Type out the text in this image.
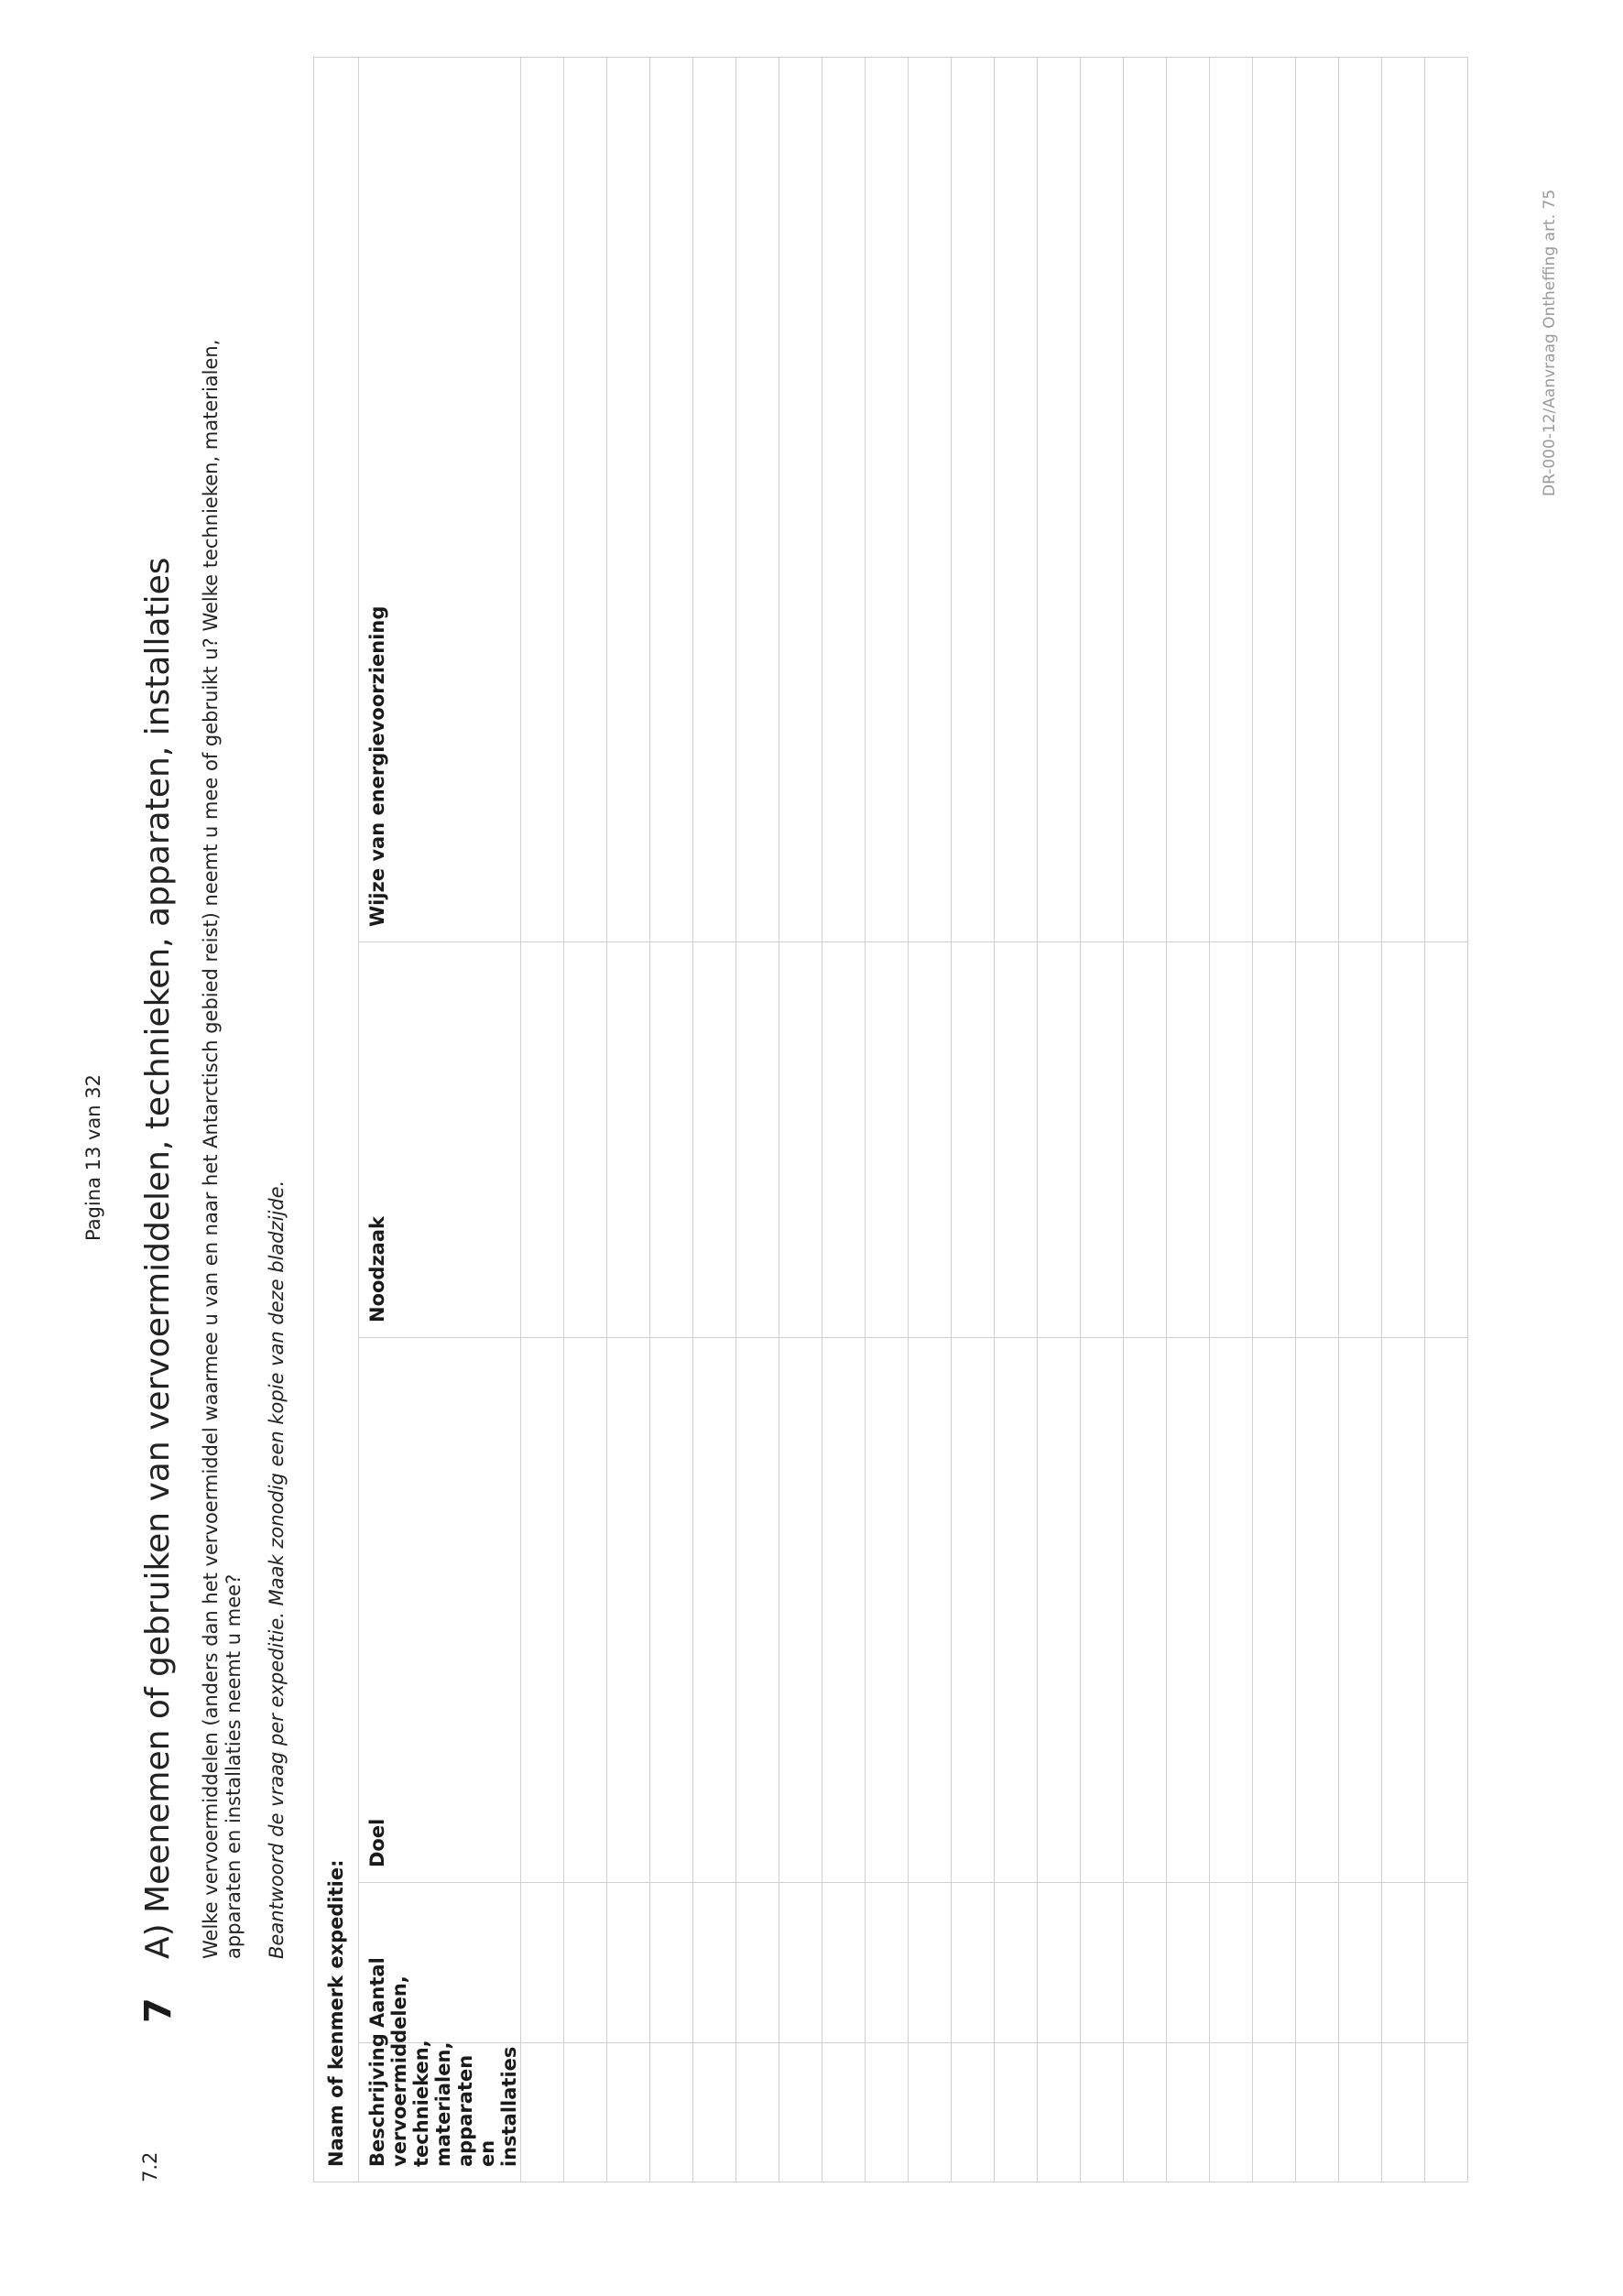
Pagina 13 van 32
7.2
7
A) Meenemen of gebruiken van vervoermiddelen, technieken, apparaten, installaties Welke vervoermiddelen (anders dan het vervoermiddel waarmee u van en naar het Antarctisch gebied reist) neemt u mee of gebruikt u? Welke technieken, materialen, apparaten en installaties neemt u mee? Beantwoord de vraag per expeditie. Maak zonodig een kopie van deze bladzijde.
Naam of kenmerk expeditie:				
Beschrijving vervoermiddelen, technieken, materialen, apparaten en installaties	Aantal	Doel	Noodzaak	Wijze van energievoorziening

DR-000-12/Aanvraag Ontheffing art. 75
